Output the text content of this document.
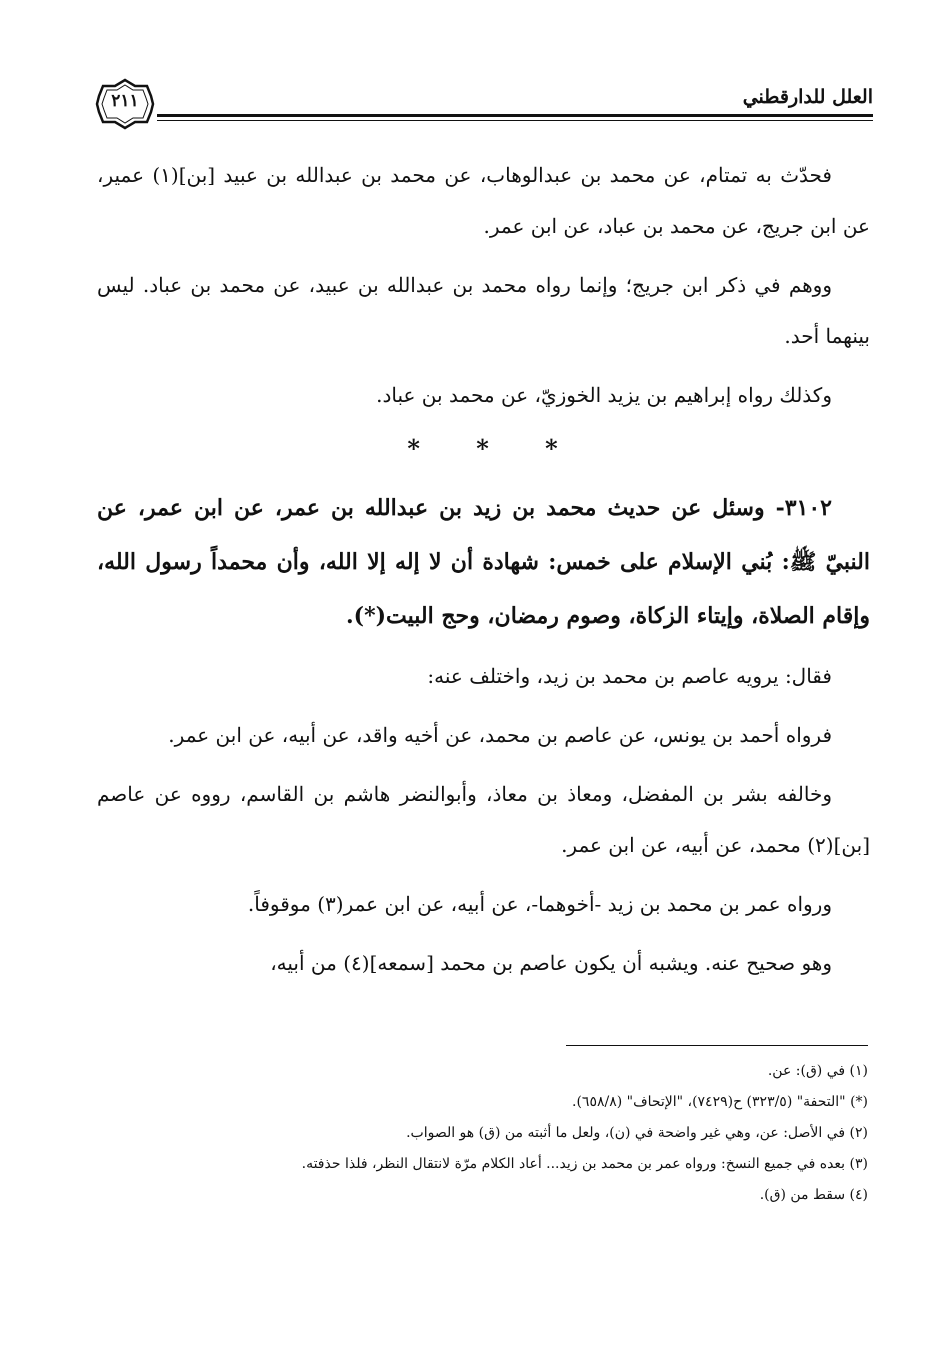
٢١١	العلل للدارقطني

فحدّث به تمتام، عن محمد بن عبدالوهاب، عن محمد بن عبدالله بن عبيد [بن](١) عمير، عن ابن جريج، عن محمد بن عباد، عن ابن عمر.

ووهم في ذكر ابن جريج؛ وإنما رواه محمد بن عبدالله بن عبيد، عن محمد بن عباد. ليس بينهما أحد.

وكذلك رواه إبراهيم بن يزيد الخوزيّ، عن محمد بن عباد.

* * *

٣١٠٢- وسئل عن حديث محمد بن زيد بن عبدالله بن عمر، عن ابن عمر، عن النبيّ ﷺ: بُني الإسلام على خمس: شهادة أن لا إله إلا الله، وأن محمداً رسول الله، وإقام الصلاة، وإيتاء الزكاة، وصوم رمضان، وحج البيت(*).

فقال: يرويه عاصم بن محمد بن زيد، واختلف عنه:

فرواه أحمد بن يونس، عن عاصم بن محمد، عن أخيه واقد، عن أبيه، عن ابن عمر.

وخالفه بشر بن المفضل، ومعاذ بن معاذ، وأبوالنضر هاشم بن القاسم، رووه عن عاصم [بن](٢) محمد، عن أبيه، عن ابن عمر.

ورواه عمر بن محمد بن زيد -أخوهما-، عن أبيه، عن ابن عمر(٣) موقوفاً.

وهو صحيح عنه. ويشبه أن يكون عاصم بن محمد [سمعه](٤) من أبيه،

(١) في (ق): عن.

(*) "التحفة" (٣٢٣/٥) ح(٧٤٢٩)، "الإتحاف" (٦٥٨/٨).

(٢) في الأصل: عن، وهي غير واضحة في (ن)، ولعل ما أثبته من (ق) هو الصواب.

(٣) بعده في جميع النسخ: ورواه عمر بن محمد بن زيد... أعاد الكلام مرّة لانتقال النظر، فلذا حذفته.

(٤) سقط من (ق).
